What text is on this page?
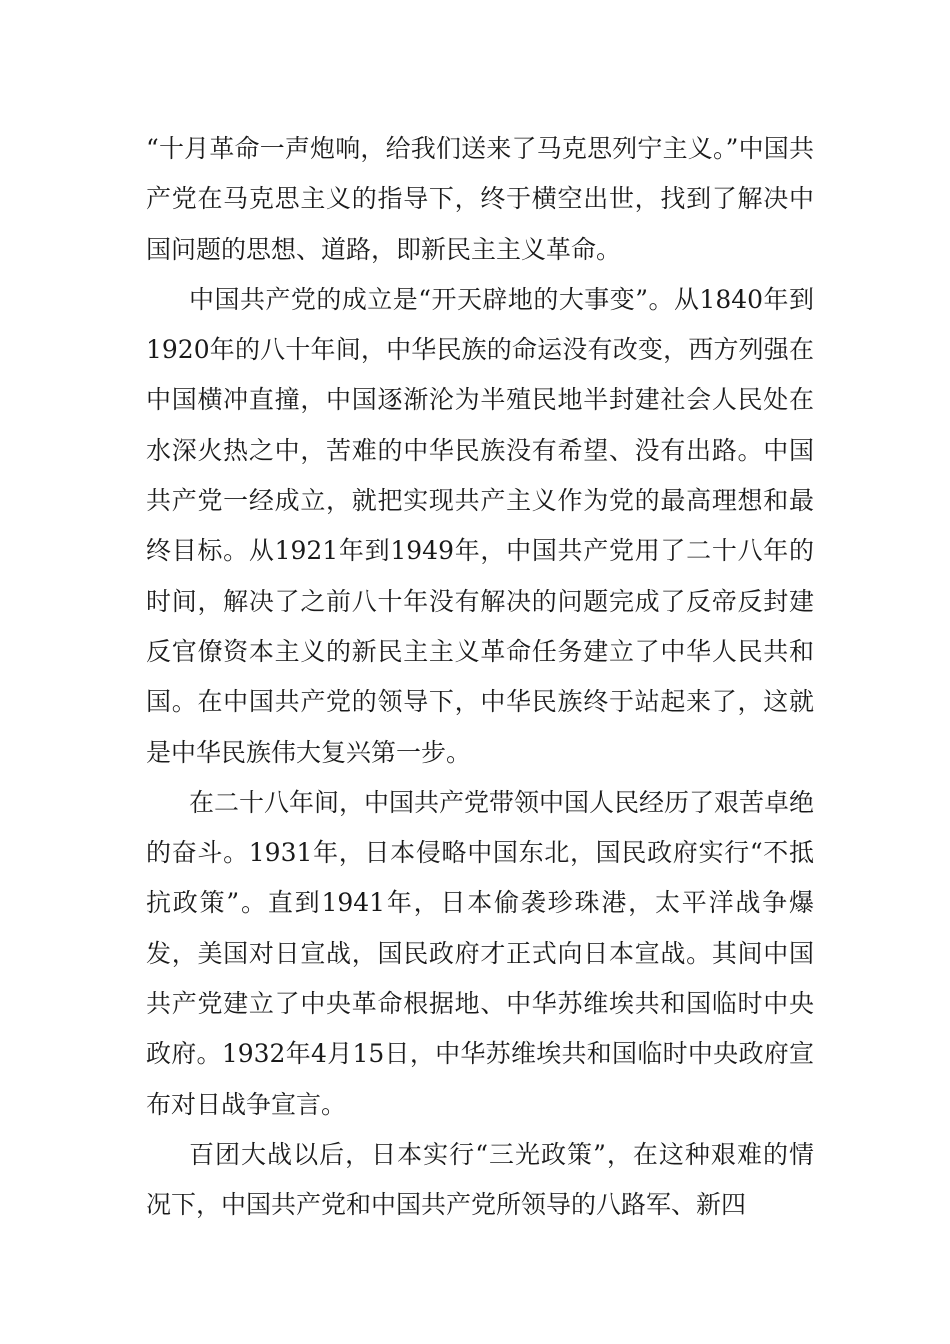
“十月革命一声炮响，给我们送来了马克思列宁主义。”中国共产党在马克思主义的指导下，终于横空出世，找到了解决中国问题的思想、道路，即新民主主义革命。

中国共产党的成立是“开天辟地的大事变”。从1840年到1920年的八十年间，中华民族的命运没有改变，西方列强在中国横冲直撞，中国逐渐沦为半殖民地半封建社会人民处在水深火热之中，苦难的中华民族没有希望、没有出路。中国共产党一经成立，就把实现共产主义作为党的最高理想和最终目标。从1921年到1949年，中国共产党用了二十八年的时间，解决了之前八十年没有解决的问题完成了反帝反封建反官僚资本主义的新民主主义革命任务建立了中华人民共和国。在中国共产党的领导下，中华民族终于站起来了，这就是中华民族伟大复兴第一步。

在二十八年间，中国共产党带领中国人民经历了艰苦卓绝的奋斗。1931年，日本侵略中国东北，国民政府实行“不抵抗政策”。直到1941年，日本偷袭珍珠港，太平洋战争爆发，美国对日宣战，国民政府才正式向日本宣战。其间中国共产党建立了中央革命根据地、中华苏维埃共和国临时中央政府。1932年4月15日，中华苏维埃共和国临时中央政府宣布对日战争宣言。

百团大战以后，日本实行“三光政策”，在这种艰难的情况下，中国共产党和中国共产党所领导的八路军、新四
